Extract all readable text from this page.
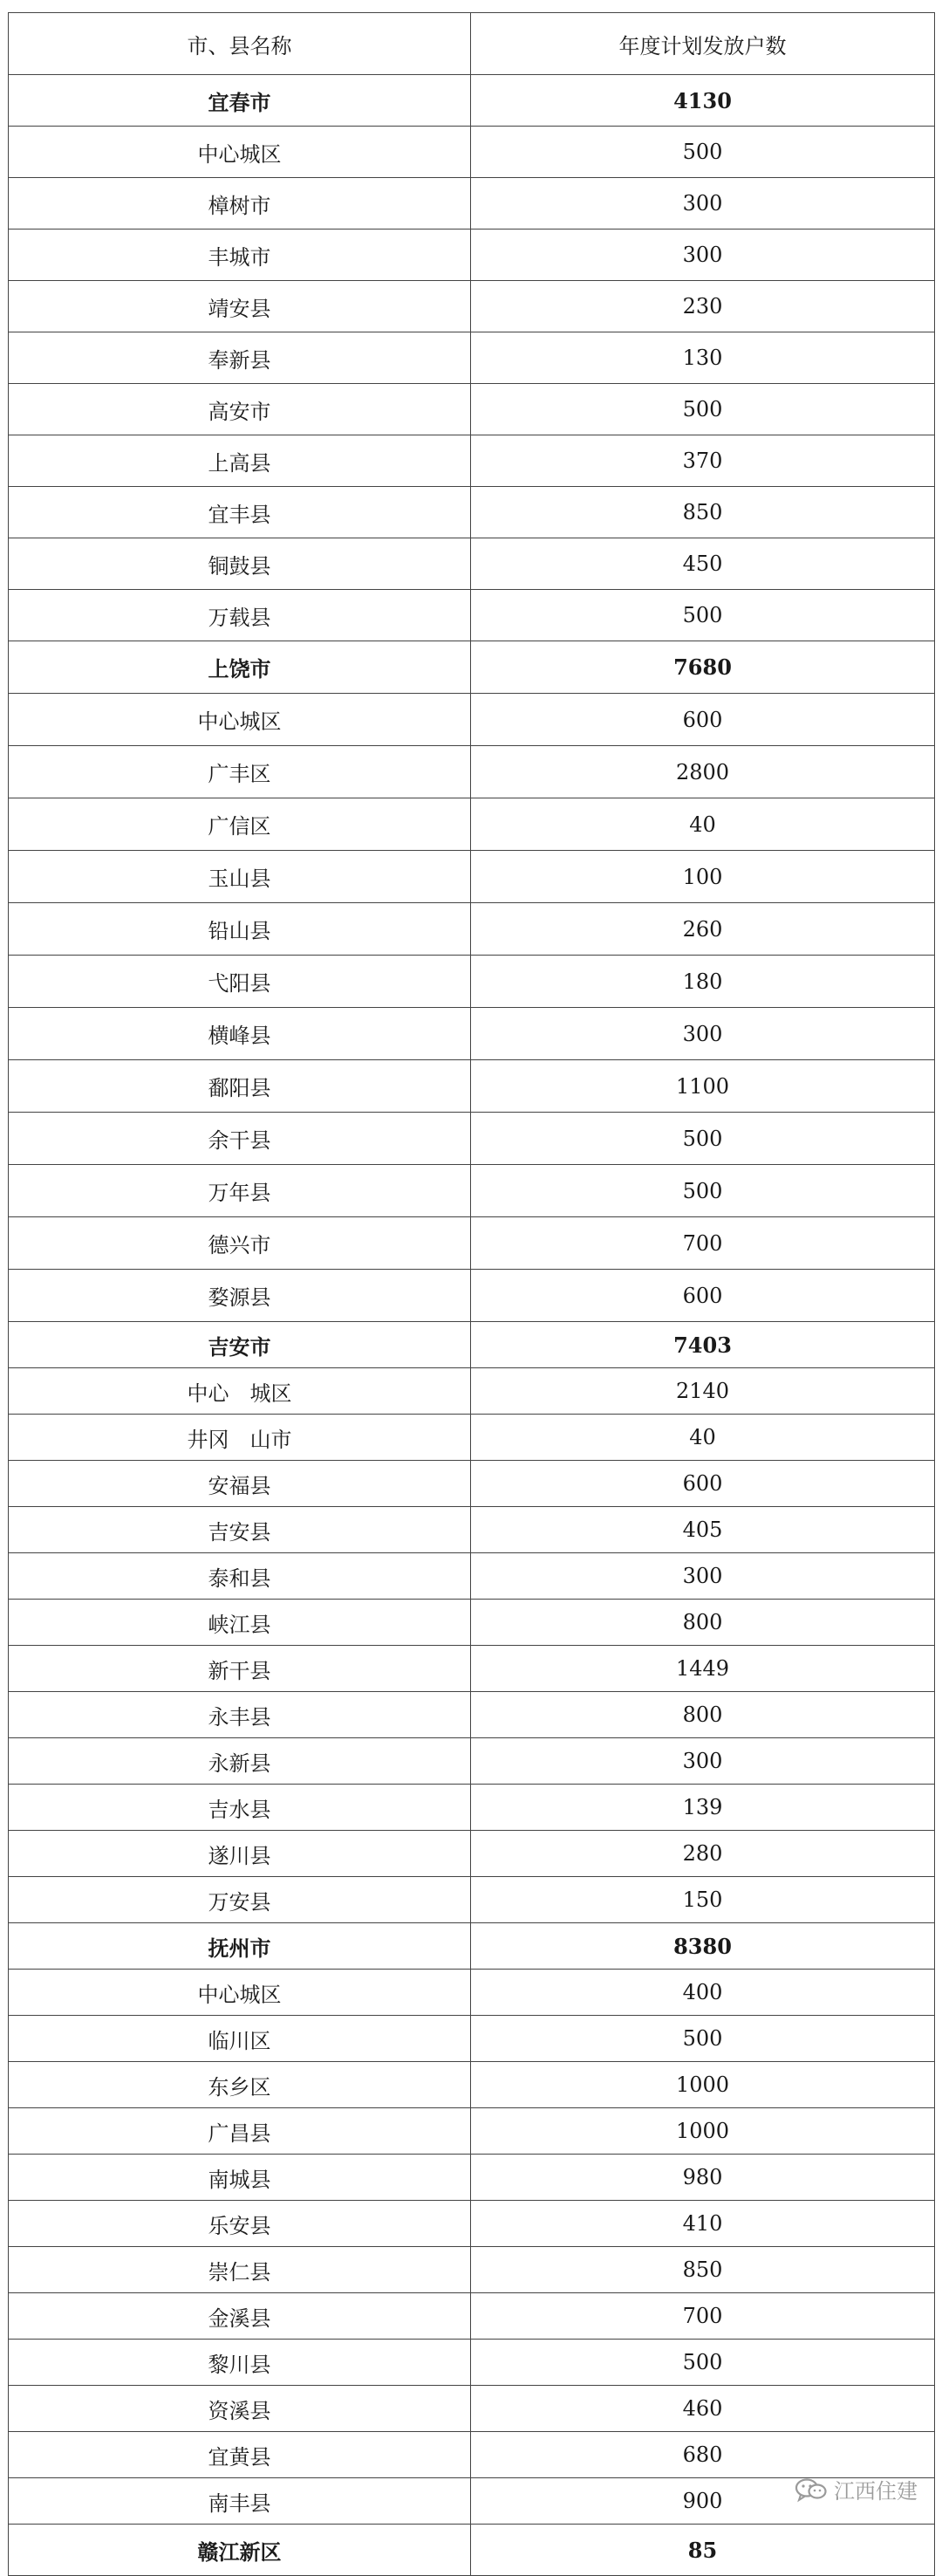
市、县名称	年度计划发放户数
宜春市	4130
中心城区	500
樟树市	300
丰城市	300
靖安县	230
奉新县	130
高安市	500
上高县	370
宜丰县	850
铜鼓县	450
万载县	500
上饶市	7680
中心城区	600
广丰区	2800
广信区	40
玉山县	100
铅山县	260
弋阳县	180
横峰县	300
鄱阳县	1100
余干县	500
万年县	500
德兴市	700
婺源县	600
吉安市	7403
中心　城区	2140
井冈　山市	40
安福县	600
吉安县	405
泰和县	300
峡江县	800
新干县	1449
永丰县	800
永新县	300
吉水县	139
遂川县	280
万安县	150
抚州市	8380
中心城区	400
临川区	500
东乡区	1000
广昌县	1000
南城县	980
乐安县	410
崇仁县	850
金溪县	700
黎川县	500
资溪县	460
宜黄县	680
南丰县	900
赣江新区	85
江西住建
